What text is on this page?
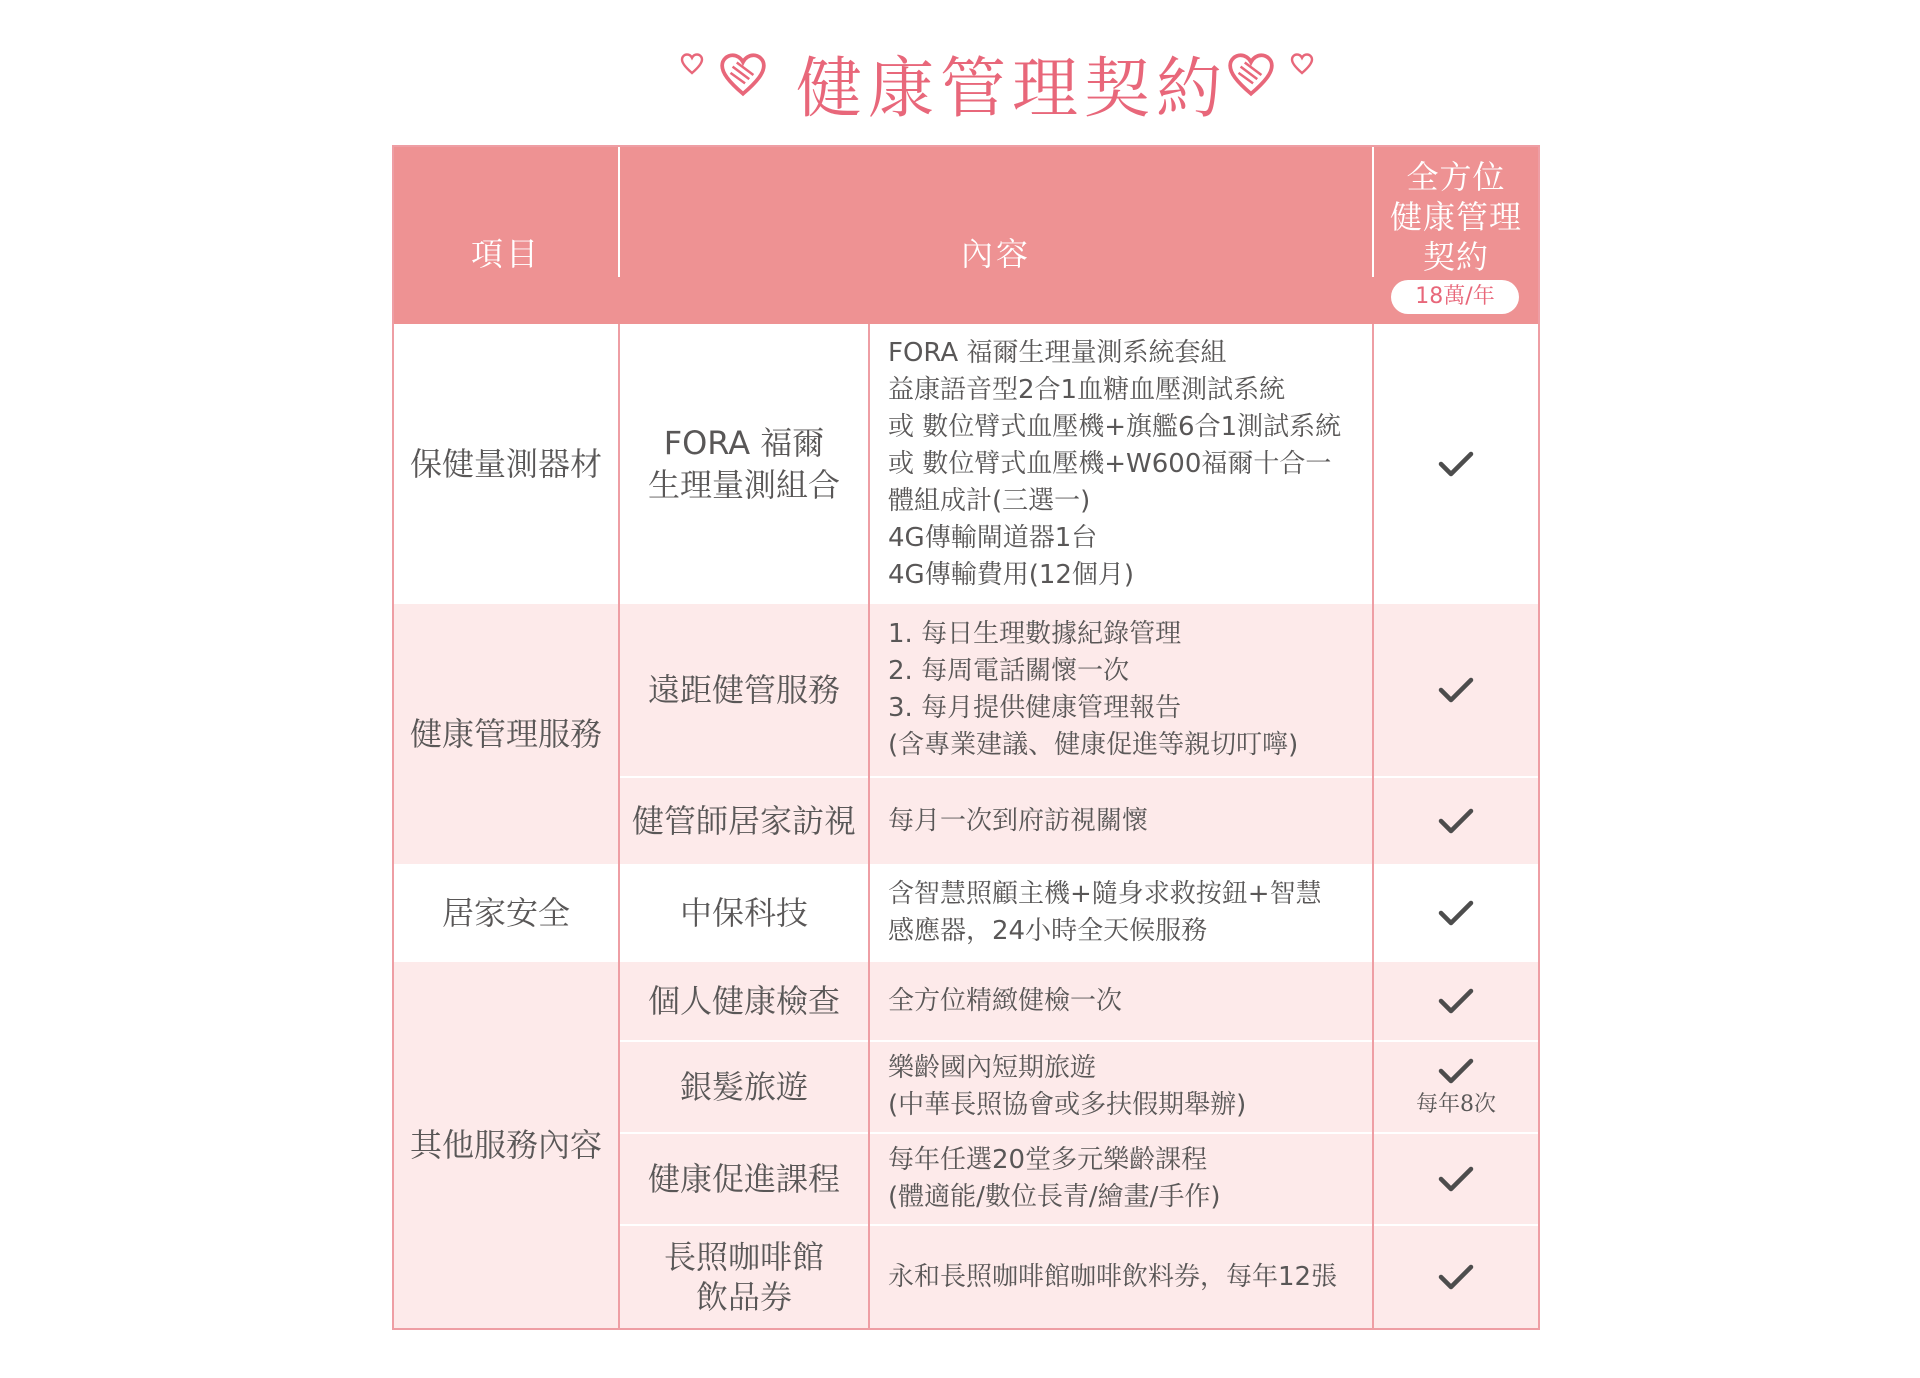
健康管理契約
項目	內容
全方位
健康管理
契約
18萬/年
保健量測器材
健康管理服務
居家安全
其他服務內容
FORA 福爾
生理量測組合
遠距健管服務
健管師居家訪視
中保科技
個人健康檢查
銀髮旅遊
健康促進課程
長照咖啡館
飲品券
FORA 福爾生理量測系統套組
益康語音型2合1血糖血壓測試系統
或 數位臂式血壓機+旗艦6合1測試系統
或 數位臂式血壓機+W600福爾十合一
體組成計(三選一)
4G傳輸閘道器1台
4G傳輸費用(12個月)
1. 每日生理數據紀錄管理
2. 每周電話關懷一次
3. 每月提供健康管理報告
(含專業建議、健康促進等親切叮嚀)
每月一次到府訪視關懷
含智慧照顧主機+隨身求救按鈕+智慧
感應器，24小時全天候服務
全方位精緻健檢一次
樂齡國內短期旅遊
(中華長照協會或多扶假期舉辦)
每年任選20堂多元樂齡課程
(體適能/數位長青/繪畫/手作)
永和長照咖啡館咖啡飲料券，每年12張
每年8次
